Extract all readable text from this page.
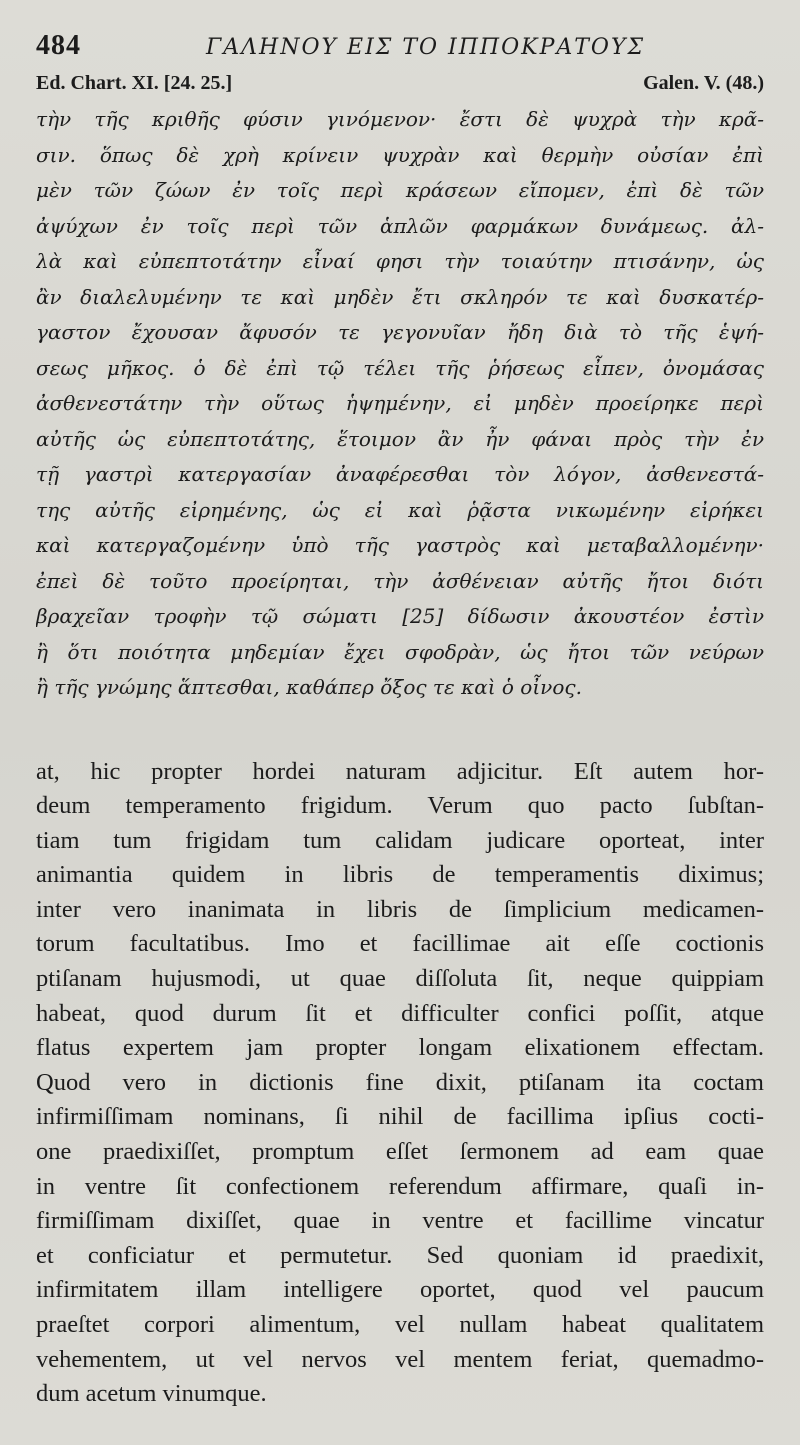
484	ΓΑΛΗΝΟΥ ΕΙΣ ΤΟ ΙΠΠΟΚΡΑΤΟΥΣ
Ed. Chart. XI. [24. 25.]	Galen. V. (48.)
τὴν τῆς κριθῆς φύσιν γινόμενον· ἔστι δὲ ψυχρὰ τὴν κρᾶ-
σιν. ὅπως δὲ χρὴ κρίνειν ψυχρὰν καὶ θερμὴν οὐσίαν ἐπὶ
μὲν τῶν ζώων ἐν τοῖς περὶ κράσεων εἴπομεν, ἐπὶ δὲ τῶν
ἀψύχων ἐν τοῖς περὶ τῶν ἁπλῶν φαρμάκων δυνάμεως. ἀλ-
λὰ καὶ εὐπεπτοτάτην εἶναί φησι τὴν τοιαύτην πτισάνην, ὡς
ἂν διαλελυμένην τε καὶ μηδὲν ἔτι σκληρόν τε καὶ δυσκατέρ-
γαστον ἔχουσαν ἄφυσόν τε γεγονυῖαν ἤδη διὰ τὸ τῆς ἑψή-
σεως μῆκος. ὁ δὲ ἐπὶ τῷ τέλει τῆς ῥήσεως εἶπεν, ὀνομάσας
ἀσθενεστάτην τὴν οὕτως ἡψημένην, εἰ μηδὲν προείρηκε περὶ
αὐτῆς ὡς εὐπεπτοτάτης, ἕτοιμον ἂν ἦν φάναι πρὸς τὴν ἐν
τῇ γαστρὶ κατεργασίαν ἀναφέρεσθαι τὸν λόγον, ἀσθενεστά-
της αὐτῆς εἰρημένης, ὡς εἰ καὶ ῥᾷστα νικωμένην εἰρήκει
καὶ κατεργαζομένην ὑπὸ τῆς γαστρὸς καὶ μεταβαλλομένην·
ἐπεὶ δὲ τοῦτο προείρηται, τὴν ἀσθένειαν αὐτῆς ἤτοι διότι
βραχεῖαν τροφὴν τῷ σώματι [25] δίδωσιν ἀκουστέον ἐστὶν
ἢ ὅτι ποιότητα μηδεμίαν ἔχει σφοδρὰν, ὡς ἤτοι τῶν νεύρων
ἢ τῆς γνώμης ἅπτεσθαι, καθάπερ ὄξος τε καὶ ὁ οἶνος.
at, hic propter hordei naturam adjicitur. Eſt autem hor-
deum temperamento frigidum. Verum quo pacto ſubſtan-
tiam tum frigidam tum calidam judicare oporteat, inter
animantia quidem in libris de temperamentis diximus;
inter vero inanimata in libris de ſimplicium medicamen-
torum facultatibus. Imo et facillimae ait eſſe coctionis
ptiſanam hujusmodi, ut quae diſſoluta ſit, neque quippiam
habeat, quod durum ſit et difficulter confici poſſit, atque
flatus expertem jam propter longam elixationem effectam.
Quod vero in dictionis fine dixit, ptiſanam ita coctam
infirmiſſimam nominans, ſi nihil de facillima ipſius cocti-
one praedixiſſet, promptum eſſet ſermonem ad eam quae
in ventre ſit confectionem referendum affirmare, quaſi in-
firmiſſimam dixiſſet, quae in ventre et facillime vincatur
et conficiatur et permutetur. Sed quoniam id praedixit,
infirmitatem illam intelligere oportet, quod vel paucum
praeſtet corpori alimentum, vel nullam habeat qualitatem
vehementem, ut vel nervos vel mentem feriat, quemadmo-
dum acetum vinumque.
